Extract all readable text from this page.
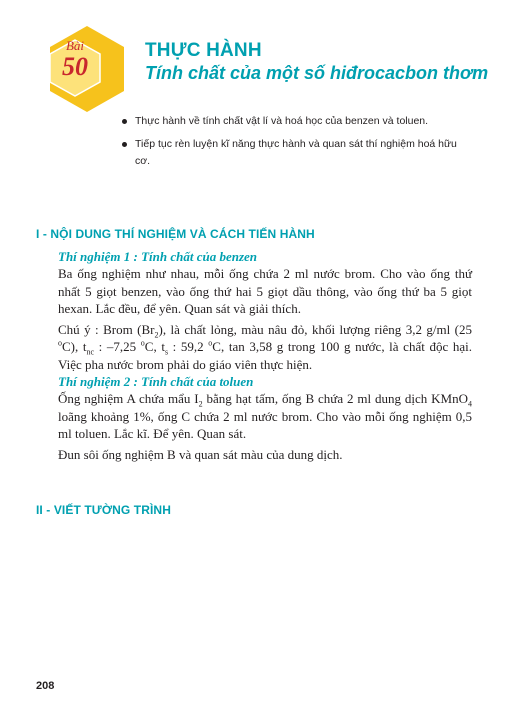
Bài
50
THỰC HÀNH
Tính chất của một số hiđrocacbon thơm
Thực hành về tính chất vật lí và hoá học của benzen và toluen.
Tiếp tục rèn luyện kĩ năng thực hành và quan sát thí nghiệm hoá hữu cơ.
I - NỘI DUNG THÍ NGHIỆM VÀ CÁCH TIẾN HÀNH
Thí nghiệm 1 : Tính chất của benzen
Ba ống nghiệm như nhau, mỗi ống chứa 2 ml nước brom. Cho vào ống thứ nhất 5 giọt benzen, vào ống thứ hai 5 giọt dầu thông, vào ống thứ ba 5 giọt hexan. Lắc đều, để yên. Quan sát và giải thích.
Chú ý : Brom $(Br_2)$, là chất lỏng, màu nâu đỏ, khối lượng riêng 3,2 g/ml (25 $^o$C), $t_{nc}$ : –7,25 $^o$C, $t_s$ : 59,2 $^o$C, tan 3,58 g trong 100 g nước, là chất độc hại. Việc pha nước brom phải do giáo viên thực hiện.
Thí nghiệm 2 : Tính chất của toluen
Ống nghiệm A chứa mẩu $I_2$ bằng hạt tấm, ống B chứa 2 ml dung dịch KMnO$_4$ loãng khoảng 1%, ống C chứa 2 ml nước brom. Cho vào mỗi ống nghiệm 0,5 ml toluen. Lắc kĩ. Để yên. Quan sát.
Đun sôi ống nghiệm B và quan sát màu của dung dịch.
II - VIẾT TƯỜNG TRÌNH
208
